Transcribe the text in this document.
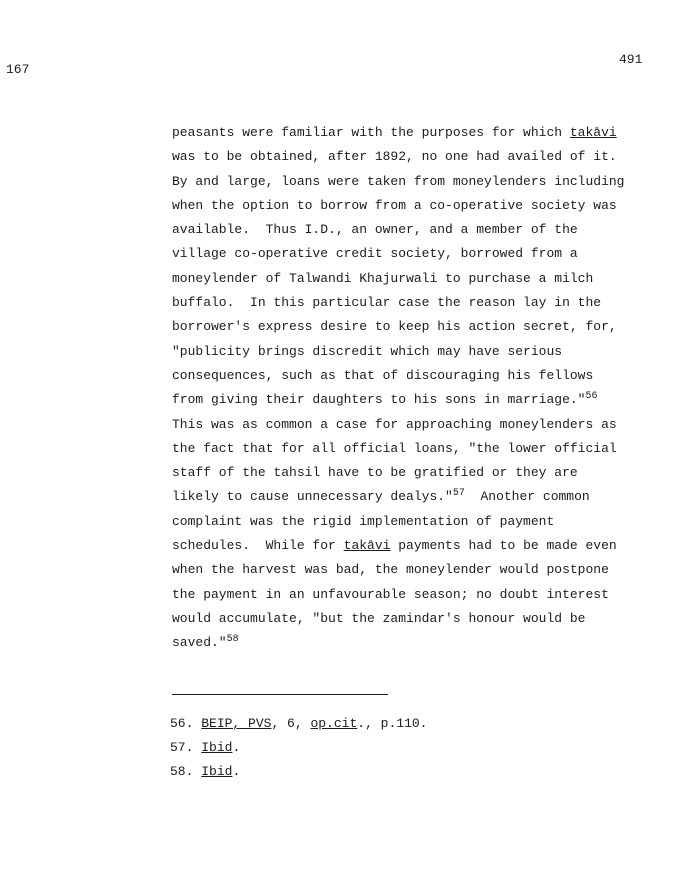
167
491
peasants were familiar with the purposes for which takāvi
was to be obtained, after 1892, no one had availed of it.
By and large, loans were taken from moneylenders including
when the option to borrow from a co-operative society was
available.  Thus I.D., an owner, and a member of the
village co-operative credit society, borrowed from a
moneylender of Talwandi Khajurwali to purchase a milch
buffalo.  In this particular case the reason lay in the
borrower's express desire to keep his action secret, for,
"publicity brings discredit which may have serious
consequences, such as that of discouraging his fellows
from giving their daughters to his sons in marriage."$^{56}$
This was as common a case for approaching moneylenders as
the fact that for all official loans, "the lower official
staff of the tahsil have to be gratified or they are
likely to cause unnecessary dealys."$^{57}$  Another common
complaint was the rigid implementation of payment
schedules.  While for takāvi payments had to be made even
when the harvest was bad, the moneylender would postpone
the payment in an unfavourable season; no doubt interest
would accumulate, "but the zamindar's honour would be
saved."$^{58}$
56. BEIP, PVS, 6, op.cit., p.110.
57. Ibid.
58. Ibid.
